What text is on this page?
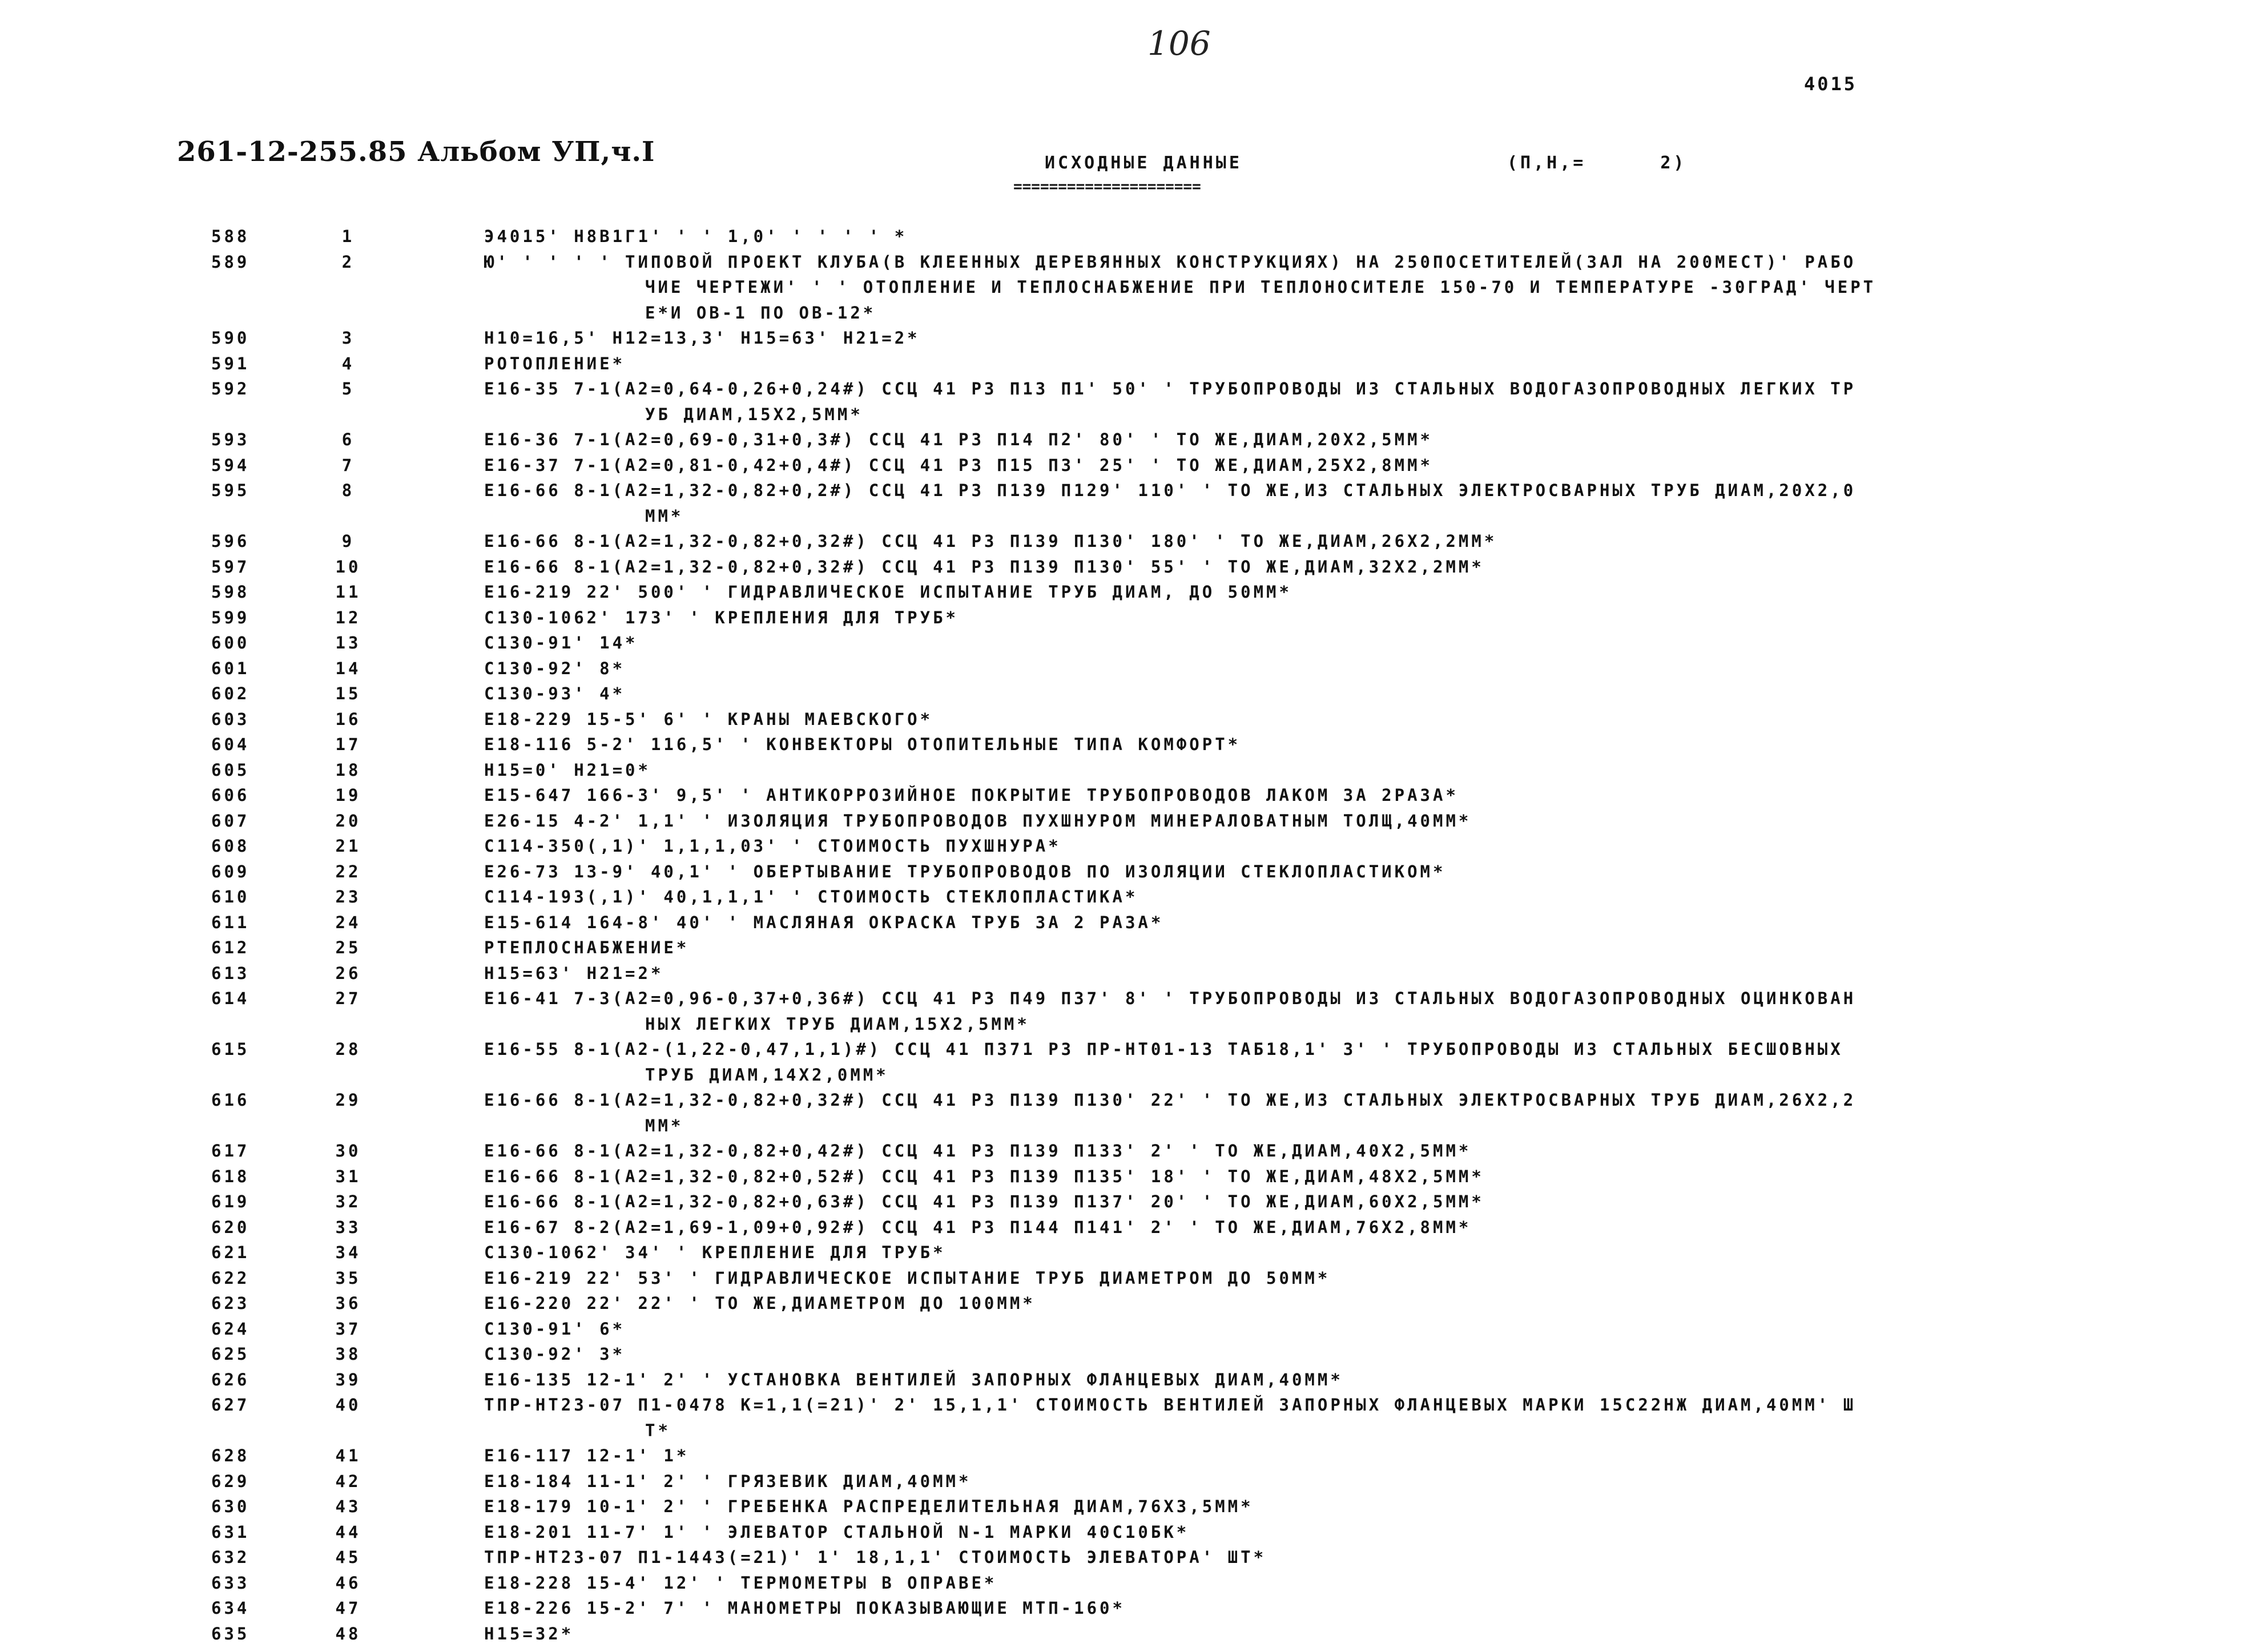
106
4015
261-12-255.85 Альбом УП,ч.I	ИСХОДНЫЕ ДАННЫЕ
=====================
(П,Н,=	2)
588	1	Э4015' Н8В1Г1' ' ' 1,0' ' ' ' ' *
589	2	Ю' ' ' ' ' ТИПОВОЙ ПРОЕКТ КЛУБА(В КЛЕЕННЫХ ДЕРЕВЯННЫХ КОНСТРУКЦИЯХ) НА 250ПОСЕТИТЕЛЕЙ(ЗАЛ НА 200МЕСТ)' РАБО
ЧИЕ ЧЕРТЕЖИ' ' ' ОТОПЛЕНИЕ И ТЕПЛОСНАБЖЕНИЕ ПРИ ТЕПЛОНОСИТЕЛЕ 150-70 И ТЕМПЕРАТУРЕ -30ГРАД' ЧЕРТ
Е*И ОВ-1 ПО ОВ-12*
590	3	Н10=16,5' Н12=13,3' Н15=63' Н21=2*
591	4	РОТОПЛЕНИЕ*
592	5	Е16-35 7-1(А2=0,64-0,26+0,24#) ССЦ 41 Р3 П13 П1' 50' ' ТРУБОПРОВОДЫ ИЗ СТАЛЬНЫХ ВОДОГАЗОПРОВОДНЫХ ЛЕГКИХ ТР
УБ ДИАМ,15Х2,5ММ*
593	6	Е16-36 7-1(А2=0,69-0,31+0,3#) ССЦ 41 Р3 П14 П2' 80' ' ТО ЖЕ,ДИАМ,20Х2,5ММ*
594	7	Е16-37 7-1(А2=0,81-0,42+0,4#) ССЦ 41 Р3 П15 П3' 25' ' ТО ЖЕ,ДИАМ,25Х2,8ММ*
595	8	Е16-66 8-1(А2=1,32-0,82+0,2#) ССЦ 41 Р3 П139 П129' 110' ' ТО ЖЕ,ИЗ СТАЛЬНЫХ ЭЛЕКТРОСВАРНЫХ ТРУБ ДИАМ,20Х2,0
ММ*
596	9	Е16-66 8-1(А2=1,32-0,82+0,32#) ССЦ 41 Р3 П139 П130' 180' ' ТО ЖЕ,ДИАМ,26Х2,2ММ*
597	10	Е16-66 8-1(А2=1,32-0,82+0,32#) ССЦ 41 Р3 П139 П130' 55' ' ТО ЖЕ,ДИАМ,32Х2,2ММ*
598	11	Е16-219 22' 500' ' ГИДРАВЛИЧЕСКОЕ ИСПЫТАНИЕ ТРУБ ДИАМ, ДО 50ММ*
599	12	С130-1062' 173' ' КРЕПЛЕНИЯ ДЛЯ ТРУБ*
600	13	С130-91' 14*
601	14	С130-92' 8*
602	15	С130-93' 4*
603	16	Е18-229 15-5' 6' ' КРАНЫ МАЕВСКОГО*
604	17	Е18-116 5-2' 116,5' ' КОНВЕКТОРЫ ОТОПИТЕЛЬНЫЕ ТИПА КОМФОРТ*
605	18	Н15=0' Н21=0*
606	19	Е15-647 166-3' 9,5' ' АНТИКОРРОЗИЙНОЕ ПОКРЫТИЕ ТРУБОПРОВОДОВ ЛАКОМ ЗА 2РАЗА*
607	20	Е26-15 4-2' 1,1' ' ИЗОЛЯЦИЯ ТРУБОПРОВОДОВ ПУХШНУРОМ МИНЕРАЛОВАТНЫМ ТОЛЩ,40ММ*
608	21	С114-350(,1)' 1,1,1,03' ' СТОИМОСТЬ ПУХШНУРА*
609	22	Е26-73 13-9' 40,1' ' ОБЕРТЫВАНИЕ ТРУБОПРОВОДОВ ПО ИЗОЛЯЦИИ СТЕКЛОПЛАСТИКОМ*
610	23	С114-193(,1)' 40,1,1,1' ' СТОИМОСТЬ СТЕКЛОПЛАСТИКА*
611	24	Е15-614 164-8' 40' ' МАСЛЯНАЯ ОКРАСКА ТРУБ ЗА 2 РАЗА*
612	25	РТЕПЛОСНАБЖЕНИЕ*
613	26	Н15=63' Н21=2*
614	27	Е16-41 7-3(А2=0,96-0,37+0,36#) ССЦ 41 Р3 П49 П37' 8' ' ТРУБОПРОВОДЫ ИЗ СТАЛЬНЫХ ВОДОГАЗОПРОВОДНЫХ ОЦИНКОВАН
НЫХ ЛЕГКИХ ТРУБ ДИАМ,15Х2,5ММ*
615	28	Е16-55 8-1(А2-(1,22-0,47,1,1)#) ССЦ 41 П371 Р3 ПР-НТ01-13 ТАБ18,1' 3' ' ТРУБОПРОВОДЫ ИЗ СТАЛЬНЫХ БЕСШОВНЫХ
ТРУБ ДИАМ,14Х2,0ММ*
616	29	Е16-66 8-1(А2=1,32-0,82+0,32#) ССЦ 41 Р3 П139 П130' 22' ' ТО ЖЕ,ИЗ СТАЛЬНЫХ ЭЛЕКТРОСВАРНЫХ ТРУБ ДИАМ,26Х2,2
ММ*
617	30	Е16-66 8-1(А2=1,32-0,82+0,42#) ССЦ 41 Р3 П139 П133' 2' ' ТО ЖЕ,ДИАМ,40Х2,5ММ*
618	31	Е16-66 8-1(А2=1,32-0,82+0,52#) ССЦ 41 Р3 П139 П135' 18' ' ТО ЖЕ,ДИАМ,48Х2,5ММ*
619	32	Е16-66 8-1(А2=1,32-0,82+0,63#) ССЦ 41 Р3 П139 П137' 20' ' ТО ЖЕ,ДИАМ,60Х2,5ММ*
620	33	Е16-67 8-2(А2=1,69-1,09+0,92#) ССЦ 41 Р3 П144 П141' 2' ' ТО ЖЕ,ДИАМ,76Х2,8ММ*
621	34	С130-1062' 34' ' КРЕПЛЕНИЕ ДЛЯ ТРУБ*
622	35	Е16-219 22' 53' ' ГИДРАВЛИЧЕСКОЕ ИСПЫТАНИЕ ТРУБ ДИАМЕТРОМ ДО 50ММ*
623	36	Е16-220 22' 22' ' ТО ЖЕ,ДИАМЕТРОМ ДО 100ММ*
624	37	С130-91' 6*
625	38	С130-92' 3*
626	39	Е16-135 12-1' 2' ' УСТАНОВКА ВЕНТИЛЕЙ ЗАПОРНЫХ ФЛАНЦЕВЫХ ДИАМ,40ММ*
627	40	ТПР-НТ23-07 П1-0478 К=1,1(=21)' 2' 15,1,1' СТОИМОСТЬ ВЕНТИЛЕЙ ЗАПОРНЫХ ФЛАНЦЕВЫХ МАРКИ 15С22НЖ ДИАМ,40ММ' Ш
Т*
628	41	Е16-117 12-1' 1*
629	42	Е18-184 11-1' 2' ' ГРЯЗЕВИК ДИАМ,40ММ*
630	43	Е18-179 10-1' 2' ' ГРЕБЕНКА РАСПРЕДЕЛИТЕЛЬНАЯ ДИАМ,76Х3,5ММ*
631	44	Е18-201 11-7' 1' ' ЭЛЕВАТОР СТАЛЬНОЙ N-1 МАРКИ 40С10БК*
632	45	ТПР-НТ23-07 П1-1443(=21)' 1' 18,1,1' СТОИМОСТЬ ЭЛЕВАТОРА' ШТ*
633	46	Е18-228 15-4' 12' ' ТЕРМОМЕТРЫ В ОПРАВЕ*
634	47	Е18-226 15-2' 7' ' МАНОМЕТРЫ ПОКАЗЫВАЮЩИЕ МТП-160*
635	48	Н15=32*
